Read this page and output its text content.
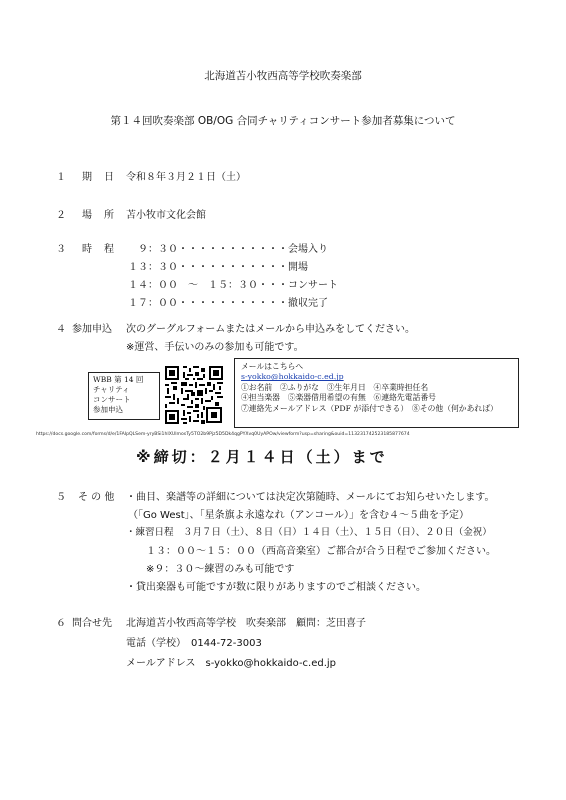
北海道苫小牧西高等学校吹奏楽部
第１４回吹奏楽部 OB/OG 合同チャリティコンサート参加者募集について
１ 期　日 令和８年３月２１日（土）
２ 場　所 苫小牧市文化会館
３ 時　程 　９：３０・・・・・・・・・・・会場入り
１３：３０・・・・・・・・・・・開場
１４：００　～　１５：３０・・・コンサート
１７：００・・・・・・・・・・・撤収完了
４ 参加申込 次のグーグルフォームまたはメールから申込みをしてください。
※運営、手伝いのみの参加も可能です。
WBB 第 14 回
チャリティ
コンサート
参加申込
メールはこちらへ
s-yokko@hokkaido-c.ed.jp
①お名前　②ふりがな　③生年月日　④卒業時担任名
④担当楽器　⑤楽器借用希望の有無　⑥連絡先電話番号
⑦連絡先メールアドレス（PDF が添付できる）　⑧その他（何かあれば）
https://docs.google.com/forms/d/e/1FAIpQLSem-yryBSi1hIXUlmosTy5TO2b9Pjz5D5Dk4qgPYXvq0UyAPOw/viewform?usp=sharing&ouid=113231742523185877674
※締切：２月１４日（土）まで
５ そ の 他 ・曲目、楽譜等の詳細については決定次第随時、メールにてお知らせいたします。
（「Go West」、「星条旗よ永遠なれ（アンコール）」を含む４～５曲を予定）
・練習日程　３月７日（土）、８日（日）１４日（土）、１５日（日）、２０日（金祝）
　１３：００～１５：００（西高音楽室）ご都合が合う日程でご参加ください。
　※９：３０～練習のみも可能です
・貸出楽器も可能ですが数に限りがありますのでご相談ください。
６ 問合せ先 北海道苫小牧西高等学校　吹奏楽部　顧問：芝田喜子
電話（学校）　0144-72-3003
メールアドレス　s-yokko@hokkaido-c.ed.jp
